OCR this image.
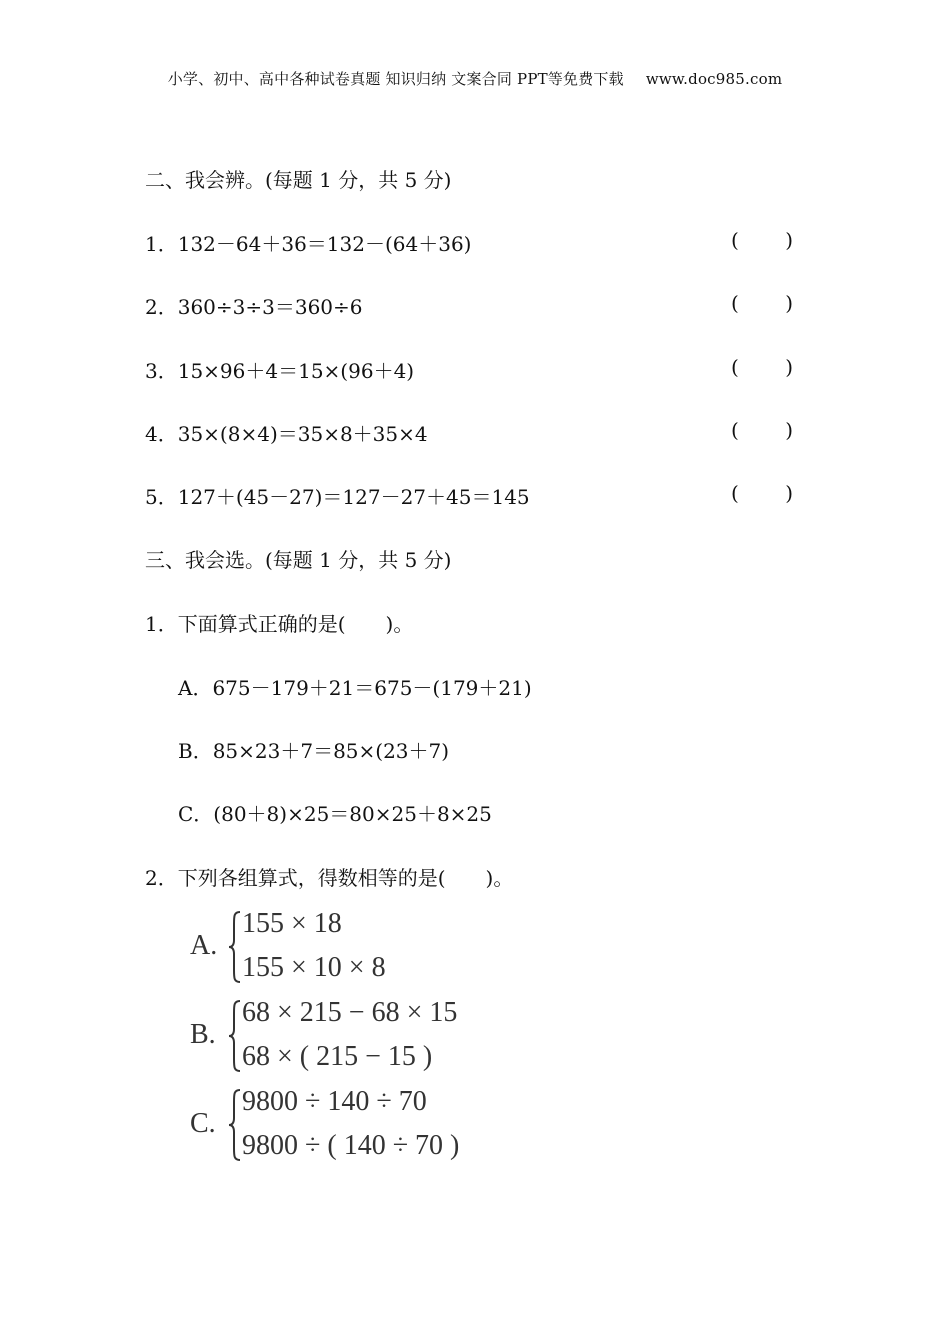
小学、初中、高中各种试卷真题 知识归纳 文案合同 PPT等免费下载 www.doc985.com
二、我会辨。(每题 1 分，共 5 分)
1．132－64＋36＝132－(64＋36)	( )
2．360÷3÷3＝360÷6	( )
3．15×96＋4＝15×(96＋4)	( )
4．35×(8×4)＝35×8＋35×4	( )
5．127＋(45－27)＝127－27＋45＝145	( )
三、我会选。(每题 1 分，共 5 分)
1．下面算式正确的是(　　)。
A．675－179＋21＝675－(179＋21)
B．85×23＋7＝85×(23＋7)
C．(80＋8)×25＝80×25＋8×25
2．下列各组算式，得数相等的是(　　)。
A.
155 × 18
155 × 10 × 8
B.
68 × 215 − 68 × 15
68 × ( 215 − 15 )
C.
9800 ÷ 140 ÷ 70
9800 ÷ ( 140 ÷ 70 )
